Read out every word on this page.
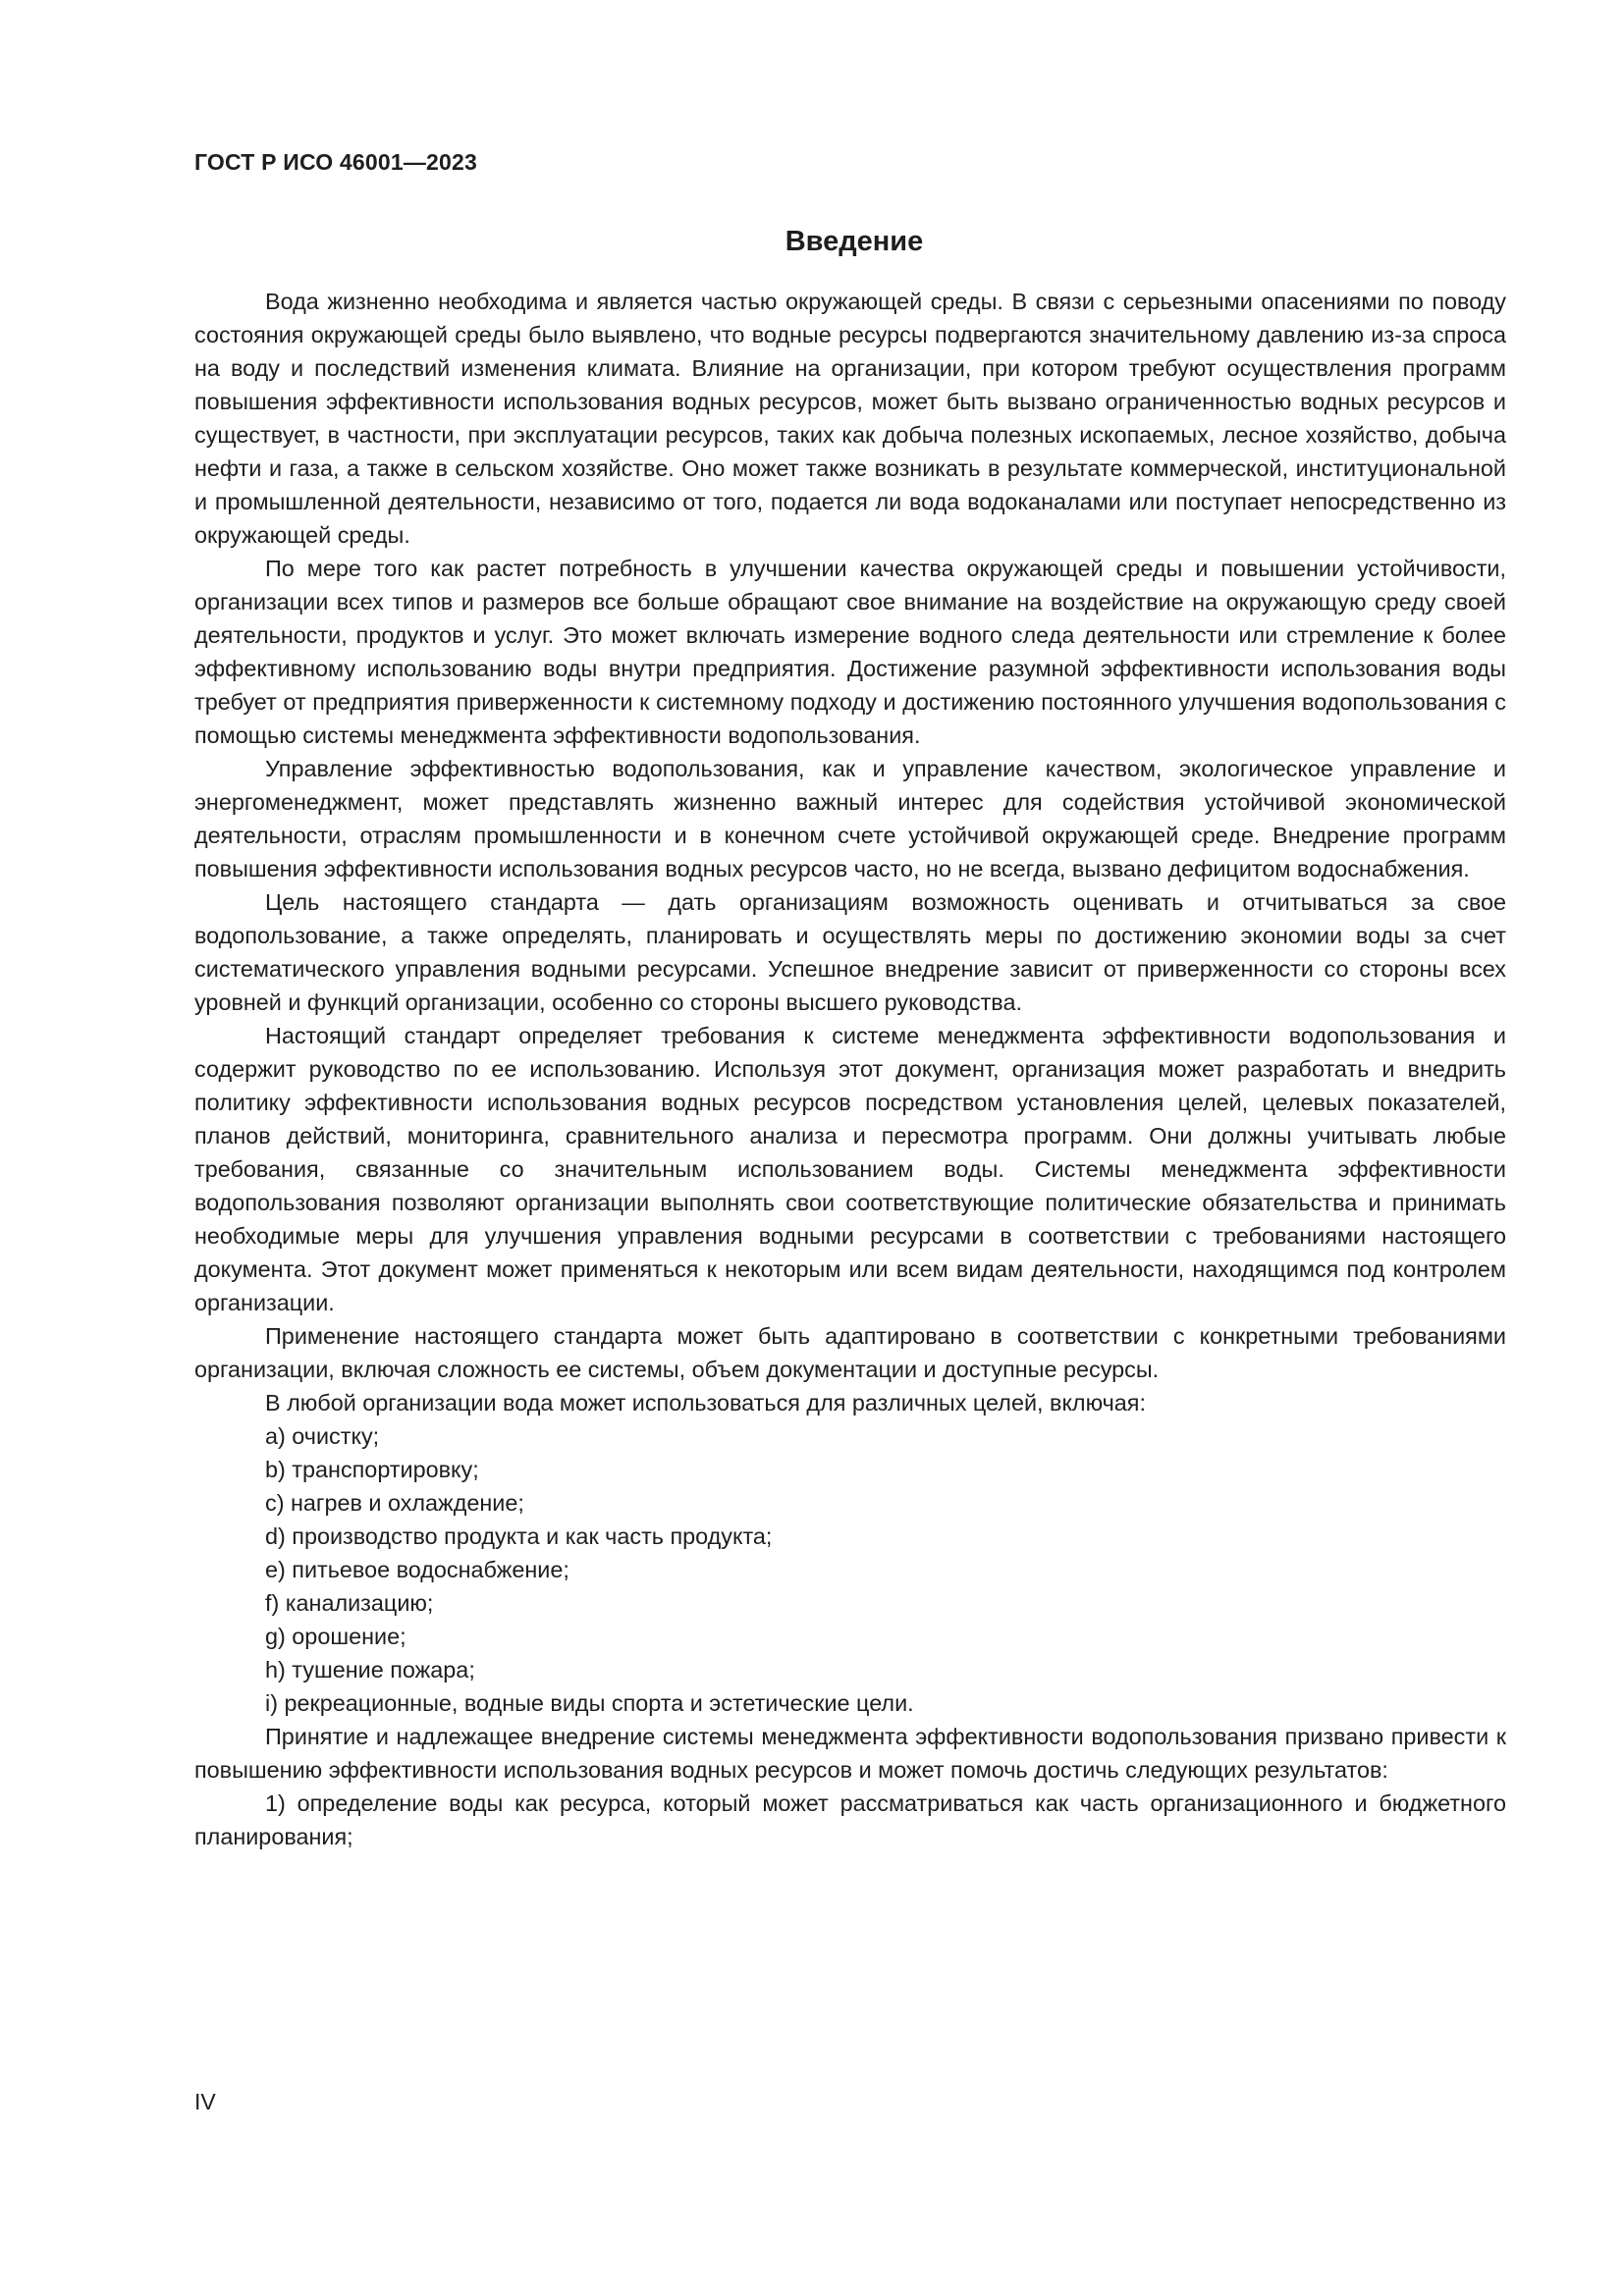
ГОСТ Р ИСО 46001—2023
Введение

Вода жизненно необходима и является частью окружающей среды. В связи с серьезными опасениями по поводу состояния окружающей среды было выявлено, что водные ресурсы подвергаются значительному давлению из-за спроса на воду и последствий изменения климата. Влияние на организации, при котором требуют осуществления программ повышения эффективности использования водных ресурсов, может быть вызвано ограниченностью водных ресурсов и существует, в частности, при эксплуатации ресурсов, таких как добыча полезных ископаемых, лесное хозяйство, добыча нефти и газа, а также в сельском хозяйстве. Оно может также возникать в результате коммерческой, институциональной и промышленной деятельности, независимо от того, подается ли вода водоканалами или поступает непосредственно из окружающей среды.

По мере того как растет потребность в улучшении качества окружающей среды и повышении устойчивости, организации всех типов и размеров все больше обращают свое внимание на воздействие на окружающую среду своей деятельности, продуктов и услуг. Это может включать измерение водного следа деятельности или стремление к более эффективному использованию воды внутри предприятия. Достижение разумной эффективности использования воды требует от предприятия приверженности к системному подходу и достижению постоянного улучшения водопользования с помощью системы менеджмента эффективности водопользования.

Управление эффективностью водопользования, как и управление качеством, экологическое управление и энергоменеджмент, может представлять жизненно важный интерес для содействия устойчивой экономической деятельности, отраслям промышленности и в конечном счете устойчивой окружающей среде. Внедрение программ повышения эффективности использования водных ресурсов часто, но не всегда, вызвано дефицитом водоснабжения.

Цель настоящего стандарта — дать организациям возможность оценивать и отчитываться за свое водопользование, а также определять, планировать и осуществлять меры по достижению экономии воды за счет систематического управления водными ресурсами. Успешное внедрение зависит от приверженности со стороны всех уровней и функций организации, особенно со стороны высшего руководства.

Настоящий стандарт определяет требования к системе менеджмента эффективности водопользования и содержит руководство по ее использованию. Используя этот документ, организация может разработать и внедрить политику эффективности использования водных ресурсов посредством установления целей, целевых показателей, планов действий, мониторинга, сравнительного анализа и пересмотра программ. Они должны учитывать любые требования, связанные со значительным использованием воды. Системы менеджмента эффективности водопользования позволяют организации выполнять свои соответствующие политические обязательства и принимать необходимые меры для улучшения управления водными ресурсами в соответствии с требованиями настоящего документа. Этот документ может применяться к некоторым или всем видам деятельности, находящимся под контролем организации.

Применение настоящего стандарта может быть адаптировано в соответствии с конкретными требованиями организации, включая сложность ее системы, объем документации и доступные ресурсы.

В любой организации вода может использоваться для различных целей, включая:

a) очистку;

b) транспортировку;

c) нагрев и охлаждение;

d) производство продукта и как часть продукта;

e) питьевое водоснабжение;

f) канализацию;

g) орошение;

h) тушение пожара;

i) рекреационные, водные виды спорта и эстетические цели.

Принятие и надлежащее внедрение системы менеджмента эффективности водопользования призвано привести к повышению эффективности использования водных ресурсов и может помочь достичь следующих результатов:

1) определение воды как ресурса, который может рассматриваться как часть организационного и бюджетного планирования;

IV
